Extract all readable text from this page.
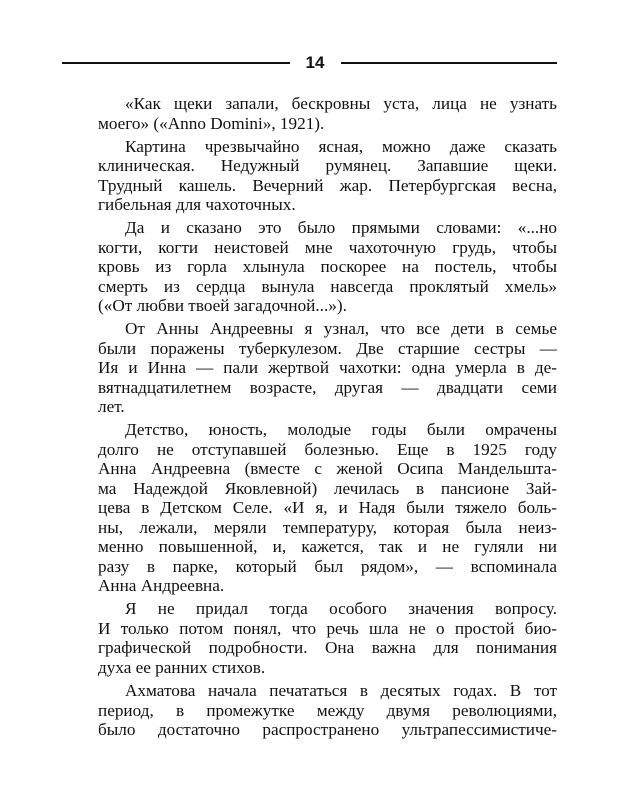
14
«Как щеки запали, бескровны уста, лица не узнать
моего» («Anno Domini», 1921).
Картина чрезвычайно ясная, можно даже сказать
клиническая. Недужный румянец. Запавшие щеки.
Трудный кашель. Вечерний жар. Петербургская весна,
гибельная для чахоточных.
Да и сказано это было прямыми словами: «...но
когти, когти неистовей мне чахоточную грудь, чтобы
кровь из горла хлынула поскорее на постель, чтобы
смерть из сердца вынула навсегда проклятый хмель»
(«От любви твоей загадочной...»).
От Анны Андреевны я узнал, что все дети в семье
были поражены туберкулезом. Две старшие сестры —
Ия и Инна — пали жертвой чахотки: одна умерла в де-
вятнадцатилетнем возрасте, другая — двадцати семи
лет.
Детство, юность, молодые годы были омрачены
долго не отступавшей болезнью. Еще в 1925 году
Анна Андреевна (вместе с женой Осипа Мандельшта-
ма Надеждой Яковлевной) лечилась в пансионе Зай-
цева в Детском Селе. «И я, и Надя были тяжело боль-
ны, лежали, меряли температуру, которая была неиз-
менно повышенной, и, кажется, так и не гуляли ни
разу в парке, который был рядом», — вспоминала
Анна Андреевна.
Я не придал тогда особого значения вопросу.
И только потом понял, что речь шла не о простой био-
графической подробности. Она важна для понимания
духа ее ранних стихов.
Ахматова начала печататься в десятых годах. В тот
период, в промежутке между двумя революциями,
было достаточно распространено ультрапессимистиче-
